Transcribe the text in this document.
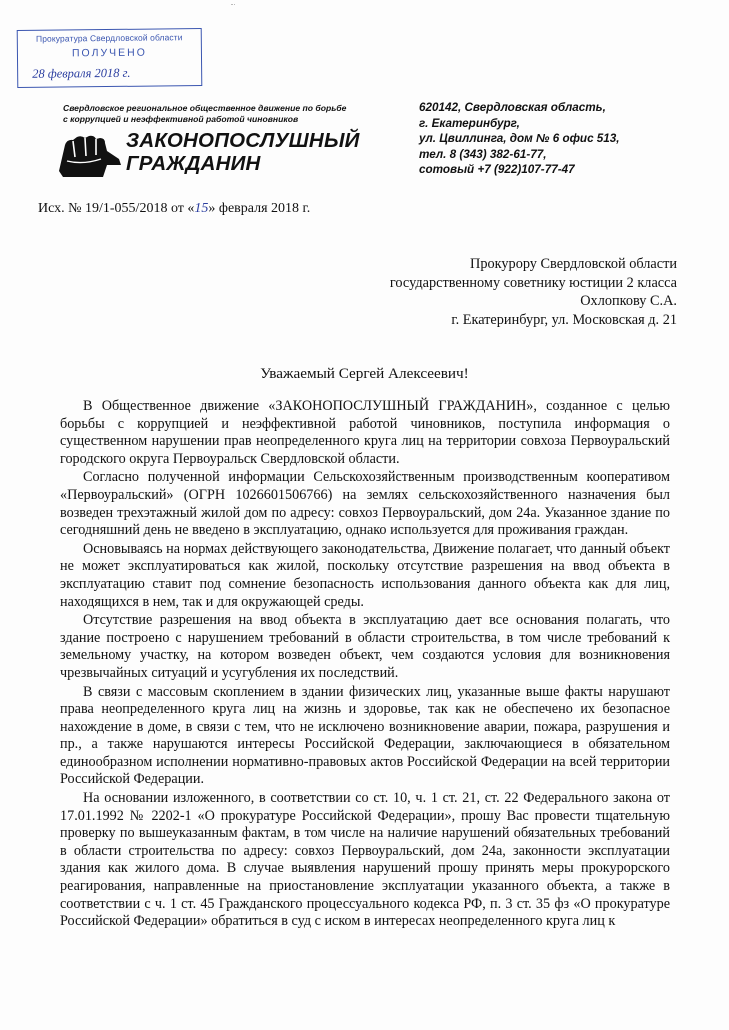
Прокуратура Свердловской области
ПОЛУЧЕНО
28 февраля 2018 г.
Свердловское региональное общественное движение по борьбе с коррупцией и неэффективной работой чиновников
ЗАКОНОПОСЛУШНЫЙ
ГРАЖДАНИН
620142, Свердловская область,
г. Екатеринбург,
ул. Цвиллинга, дом № 6 офис 513,
тел. 8 (343) 382-61-77,
сотовый +7 (922)107-77-47
Исх. № 19/1-055/2018 от «15» февраля 2018 г.
Прокурору Свердловской области
государственному советнику юстиции 2 класса
Охлопкову С.А.
г. Екатеринбург, ул. Московская д. 21
Уважаемый Сергей Алексеевич!

В Общественное движение «ЗАКОНОПОСЛУШНЫЙ ГРАЖДАНИН», созданное с целью борьбы с коррупцией и неэффективной работой чиновников, поступила информация о существенном нарушении прав неопределенного круга лиц на территории совхоза Первоуральский городского округа Первоуральск Свердловской области.

Согласно полученной информации Сельскохозяйственным производственным кооперативом «Первоуральский» (ОГРН 1026601506766) на землях сельскохозяйственного назначения был возведен трехэтажный жилой дом по адресу: совхоз Первоуральский, дом 24а. Указанное здание по сегодняшний день не введено в эксплуатацию, однако используется для проживания граждан.

Основываясь на нормах действующего законодательства, Движение полагает, что данный объект не может эксплуатироваться как жилой, поскольку отсутствие разрешения на ввод объекта в эксплуатацию ставит под сомнение безопасность использования данного объекта как для лиц, находящихся в нем, так и для окружающей среды.

Отсутствие разрешения на ввод объекта в эксплуатацию дает все основания полагать, что здание построено с нарушением требований в области строительства, в том числе требований к земельному участку, на котором возведен объект, чем создаются условия для возникновения чрезвычайных ситуаций и усугубления их последствий.

В связи с массовым скоплением в здании физических лиц, указанные выше факты нарушают права неопределенного круга лиц на жизнь и здоровье, так как не обеспечено их безопасное нахождение в доме, в связи с тем, что не исключено возникновение аварии, пожара, разрушения и пр., а также нарушаются интересы Российской Федерации, заключающиеся в обязательном единообразном исполнении нормативно-правовых актов Российской Федерации на всей территории Российской Федерации.

На основании изложенного, в соответствии со ст. 10, ч. 1 ст. 21, ст. 22 Федерального закона от 17.01.1992 № 2202-1 «О прокуратуре Российской Федерации», прошу Вас провести тщательную проверку по вышеуказанным фактам, в том числе на наличие нарушений обязательных требований в области строительства по адресу: совхоз Первоуральский, дом 24а, законности эксплуатации здания как жилого дома. В случае выявления нарушений прошу принять меры прокурорского реагирования, направленные на приостановление эксплуатации указанного объекта, а также в соответствии с ч. 1 ст. 45 Гражданского процессуального кодекса РФ, п. 3 ст. 35 фз «О прокуратуре Российской Федерации» обратиться в суд с иском в интересах неопределенного круга лиц к
